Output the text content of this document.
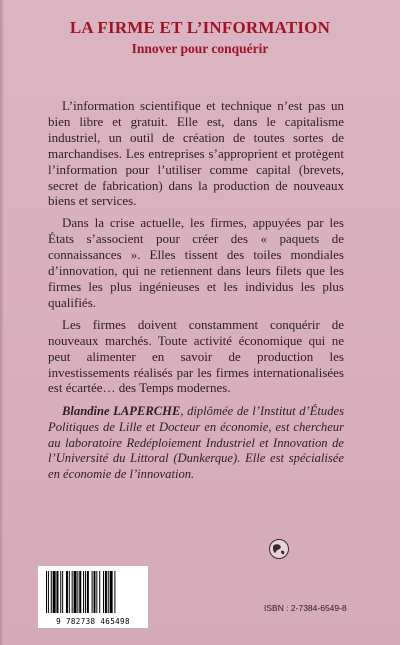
LA FIRME ET L’INFORMATION
Innover pour conquérir

L’information scientifique et technique n’est pas un bien libre et gratuit. Elle est, dans le capitalisme industriel, un outil de création de toutes sortes de marchandises. Les entreprises s’approprient et protègent l’information pour l’utiliser comme capital (brevets, secret de fabrication) dans la production de nouveaux biens et services.

Dans la crise actuelle, les firmes, appuyées par les États s’associent pour créer des « paquets de connaissances ». Elles tissent des toiles mondiales d’innovation, qui ne retiennent dans leurs filets que les firmes les plus ingénieuses et les individus les plus qualifiés.

Les firmes doivent constamment conquérir de nouveaux marchés. Toute activité économique qui ne peut alimenter en savoir de production les investissements réalisés par les firmes internationalisées est écartée… des Temps modernes.

Blandine LAPERCHE, diplômée de l’Institut d’Études Politiques de Lille et Docteur en économie, est chercheur au laboratoire Redéploiement Industriel et Innovation de l’Université du Littoral (Dunkerque). Elle est spécialisée en économie de l’innovation.
9 782738 465498
ISBN : 2-7384-6549-8
